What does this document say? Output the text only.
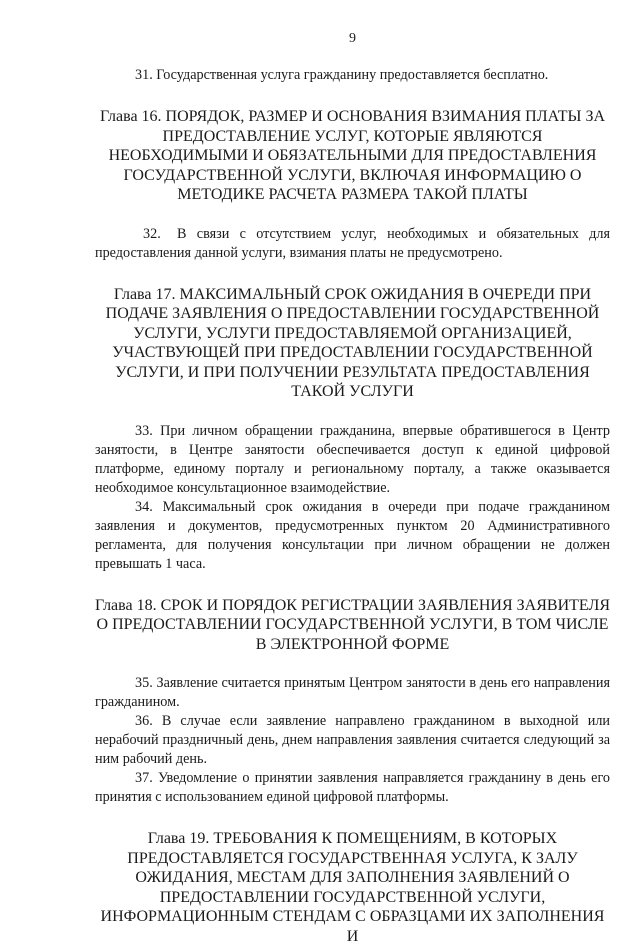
9

31. Государственная услуга гражданину предоставляется бесплатно.

Глава 16. ПОРЯДОК, РАЗМЕР И ОСНОВАНИЯ ВЗИМАНИЯ ПЛАТЫ ЗА ПРЕДОСТАВЛЕНИЕ УСЛУГ, КОТОРЫЕ ЯВЛЯЮТСЯ НЕОБХОДИМЫМИ И ОБЯЗАТЕЛЬНЫМИ ДЛЯ ПРЕДОСТАВЛЕНИЯ ГОСУДАРСТВЕННОЙ УСЛУГИ, ВКЛЮЧАЯ ИНФОРМАЦИЮ О МЕТОДИКЕ РАСЧЕТА РАЗМЕРА ТАКОЙ ПЛАТЫ

32. В связи с отсутствием услуг, необходимых и обязательных для предоставления данной услуги, взимания платы не предусмотрено.

Глава 17. МАКСИМАЛЬНЫЙ СРОК ОЖИДАНИЯ В ОЧЕРЕДИ ПРИ ПОДАЧЕ ЗАЯВЛЕНИЯ О ПРЕДОСТАВЛЕНИИ ГОСУДАРСТВЕННОЙ УСЛУГИ, УСЛУГИ ПРЕДОСТАВЛЯЕМОЙ ОРГАНИЗАЦИЕЙ, УЧАСТВУЮЩЕЙ ПРИ ПРЕДОСТАВЛЕНИИ ГОСУДАРСТВЕННОЙ УСЛУГИ, И ПРИ ПОЛУЧЕНИИ РЕЗУЛЬТАТА ПРЕДОСТАВЛЕНИЯ ТАКОЙ УСЛУГИ

33. При личном обращении гражданина, впервые обратившегося в Центр занятости, в Центре занятости обеспечивается доступ к единой цифровой платформе, единому порталу и региональному порталу, а также оказывается необходимое консультационное взаимодействие.

34. Максимальный срок ожидания в очереди при подаче гражданином заявления и документов, предусмотренных пунктом 20 Административного регламента, для получения консультации при личном обращении не должен превышать 1 часа.

Глава 18. СРОК И ПОРЯДОК РЕГИСТРАЦИИ ЗАЯВЛЕНИЯ ЗАЯВИТЕЛЯ О ПРЕДОСТАВЛЕНИИ ГОСУДАРСТВЕННОЙ УСЛУГИ, В ТОМ ЧИСЛЕ В ЭЛЕКТРОННОЙ ФОРМЕ

35. Заявление считается принятым Центром занятости в день его направления гражданином.

36. В случае если заявление направлено гражданином в выходной или нерабочий праздничный день, днем направления заявления считается следующий за ним рабочий день.

37. Уведомление о принятии заявления направляется гражданину в день его принятия с использованием единой цифровой платформы.

Глава 19. ТРЕБОВАНИЯ К ПОМЕЩЕНИЯМ, В КОТОРЫХ ПРЕДОСТАВЛЯЕТСЯ ГОСУДАРСТВЕННАЯ УСЛУГА, К ЗАЛУ ОЖИДАНИЯ, МЕСТАМ ДЛЯ ЗАПОЛНЕНИЯ ЗАЯВЛЕНИЙ О ПРЕДОСТАВЛЕНИИ ГОСУДАРСТВЕННОЙ УСЛУГИ, ИНФОРМАЦИОННЫМ СТЕНДАМ С ОБРАЗЦАМИ ИХ ЗАПОЛНЕНИЯ И
